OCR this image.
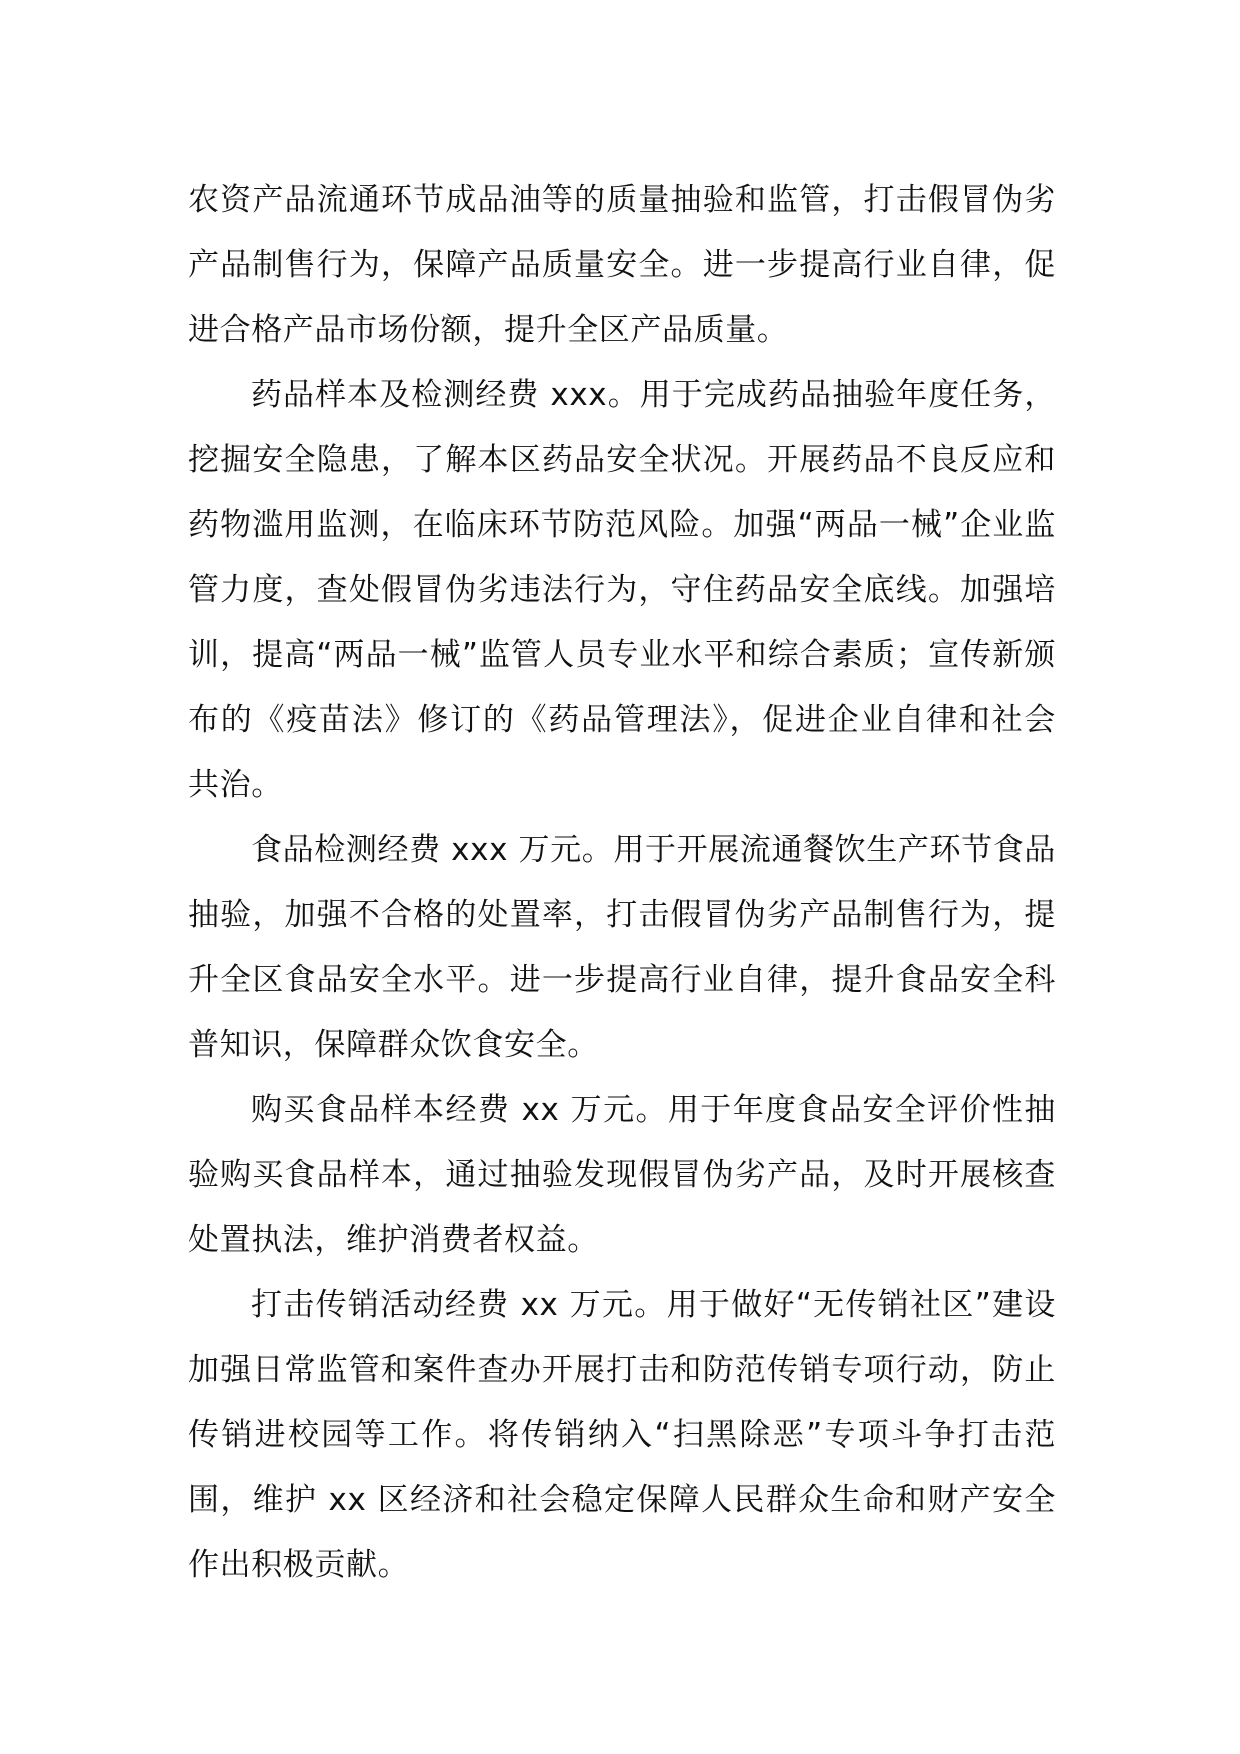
农资产品流通环节成品油等的质量抽验和监管，打击假冒伪劣产品制售行为，保障产品质量安全。进一步提高行业自律，促进合格产品市场份额，提升全区产品质量。

药品样本及检测经费 xxx。用于完成药品抽验年度任务，挖掘安全隐患，了解本区药品安全状况。开展药品不良反应和药物滥用监测，在临床环节防范风险。加强“两品一械”企业监管力度，查处假冒伪劣违法行为，守住药品安全底线。加强培训，提高“两品一械”监管人员专业水平和综合素质；宣传新颁布的《疫苗法》修订的《药品管理法》，促进企业自律和社会共治。

食品检测经费 xxx 万元。用于开展流通餐饮生产环节食品抽验，加强不合格的处置率，打击假冒伪劣产品制售行为，提升全区食品安全水平。进一步提高行业自律，提升食品安全科普知识，保障群众饮食安全。

购买食品样本经费 xx 万元。用于年度食品安全评价性抽验购买食品样本，通过抽验发现假冒伪劣产品，及时开展核查处置执法，维护消费者权益。

打击传销活动经费 xx 万元。用于做好“无传销社区”建设加强日常监管和案件查办开展打击和防范传销专项行动，防止传销进校园等工作。将传销纳入“扫黑除恶”专项斗争打击范围，维护 xx 区经济和社会稳定保障人民群众生命和财产安全作出积极贡献。
